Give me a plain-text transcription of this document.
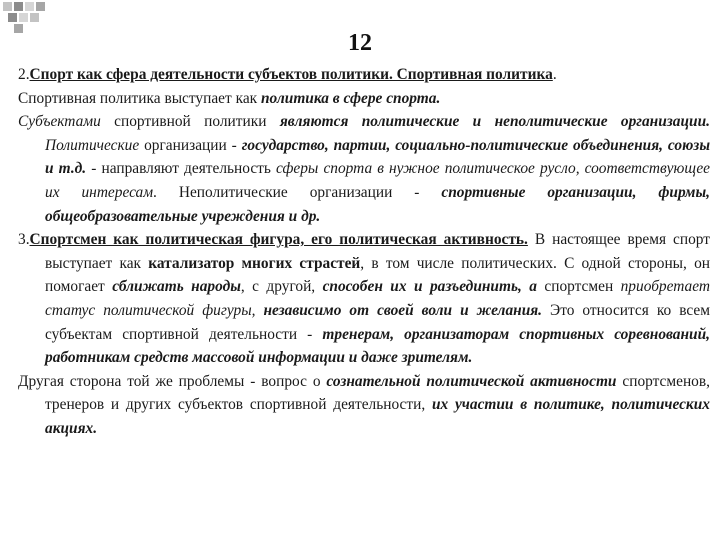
12

2.Спорт как сфера деятельности субъектов политики. Спортивная политика.

Спортивная политика выступает как политика в сфере спорта.

Субъектами спортивной политики являются политические и неполитические организации. Политические организации - государство, партии, социально-политические объединения, союзы и т.д. - направляют деятельность сферы спорта в нужное политическое русло, соответствующее их интересам. Неполитические организации - спортивные организации, фирмы, общеобразовательные учреждения и др.

3.Спортсмен как политическая фигура, его политическая активность. В настоящее время спорт выступает как катализатор многих страстей, в том числе политических. С одной стороны, он помогает сближать народы, с другой, способен их и разъединить, а спортсмен приобретает статус политической фигуры, независимо от своей воли и желания. Это относится ко всем субъектам спортивной деятельности - тренерам, организаторам спортивных соревнований, работникам средств массовой информации и даже зрителям.

Другая сторона той же проблемы - вопрос о сознательной политической активности спортсменов, тренеров и других субъектов спортивной деятельности, их участии в политике, политических акциях.
